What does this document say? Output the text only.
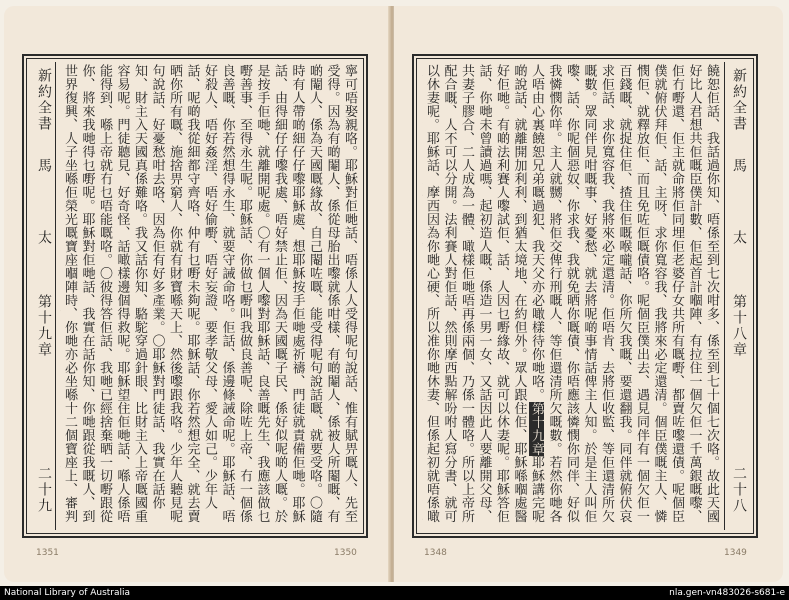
新約全書
馬
太
第十九章
二十九
寧可唔娶親咯。耶穌對佢哋話、唔係人人受得呢句說話、惟有賦畀嘅人、先至受得。因為有啲閹人、係從母胎出嚟就係咁樣、有啲閹人、係被人所閹嘅、有啲閹人、係為天國嘅緣故、自己閹咗嘅、能受得呢句說話嘅、就要受咯。〇隨時有人帶啲細仔仔嚟耶穌處、想耶穌按手佢哋處祈禱、門徒就責備佢哋。耶穌話、由得細仔仔嚟我處、唔好禁止佢、因為天國嘅子民、係好似呢啲人嘅。於是按手佢哋、就離開呢處。〇有一個人嚟對耶穌話、良善嘅先生、我應該做乜嘢善事、至得永生呢。耶穌話、你做乜嘢叫我做良善呢、除咗上帝、冇一個係良善嘅、你若然想得永生、就要守誡命咯。佢話、係邊條誡命呢。耶穌話、唔好殺人、唔好姦淫、唔好偷嘢、唔好妄證、要孝敬父母、愛人如己。少年人話、呢啲我從細都守齊咯、仲有乜嘢未夠呢。耶穌話、你若然想完全、就去賣晒你所有嘅、施捨畀窮人、你就有財寶喺天上、然後嚟跟我咯。少年人聽見呢句說話、好憂愁咁去咯、因為佢有好多產業。〇耶穌對門徒話、我實在話你知、財主入天國真係難咯。我又話你知、駱駝穿過針眼、比財主入上帝嘅國重容易呢。門徒聽見、好奇怪、話噉樣邊個得救呢。耶穌望住佢哋話、喺人係唔能得到、喺上帝就冇乜唔能嘅咯。〇彼得答佢話、我哋已經捨棄晒一切嘢跟從你、將來我哋得乜嘢呢。耶穌對佢哋話、我實在話你知、你哋跟從我嘅人、到世界復興、人子坐喺佢榮光嘅寶座嗰陣時、你哋亦必坐喺十二個寶座上、審判
1351	1350
新約全書
馬
太
第十八章
二十八
饒恕佢話、我話過你知、唔係至到七次咁多、係至到七十個七次咯。故此天國好比人君想共佢嘅臣僕計數、佢起首計嗰陣、有拉住一個欠佢一千萬銀嘅嚟、佢冇嘢還、佢主就命將佢同埋佢老婆仔女共所有嘅嘢、都賣咗嚟還債。呢個臣僕就俯伏拜佢、話、主呀、求你寬容我、我將來必定還清。個臣僕嘅主人、憐憫佢、就釋放佢、而且免咗佢嘅債咯。呢個臣僕出去、遇見同伴有一個欠佢一百錢嘅、就捉住佢、揸住佢嘅喉嚨話、你所欠我嘅、要還翻我。同伴就俯伏哀求佢話、求你寬容我、我將來必定還清。佢唔肯、去將佢收監、等佢還清所欠嘅數。眾同伴見咁嘅事、好憂愁、就去將呢啲事情話俾主人知。於是主人叫佢嚟、話、你呢個惡奴、你求我、我就免晒你嘅債、你唔應該憐憫你同伴、好似我憐憫你咩。主人就嬲、將佢交俾行刑嘅人、等佢還清所欠嘅數。若然你哋各人唔由心裏饒恕兄弟嘅過犯、我天父亦必噉樣待你哋咯。第十九章耶穌講完呢啲說話、就離開加利利、到猶太境地、在約但外。眾人跟住佢、耶穌喺嗰處醫好佢哋。有啲法利賽人嚟試佢、話、人因乜嘢緣故、就可以休妻呢。耶穌答佢話、你哋未曾讀過嗎、起初造人嘅、係造一男一女、又話因此人要離開父母、共妻子膠合、二人成為一體、噉樣佢哋唔再係兩個、乃係一體咯。所以上帝所配合嘅、人不可以分開。法利賽人對佢話、然則摩西點解吩咐人寫分書、就可以休妻呢。耶穌話、摩西因為你哋心硬、所以准你哋休妻、但係起初就唔係噉
1348	1349
National Library of Australia	nla.gen-vn483026-s681-e
